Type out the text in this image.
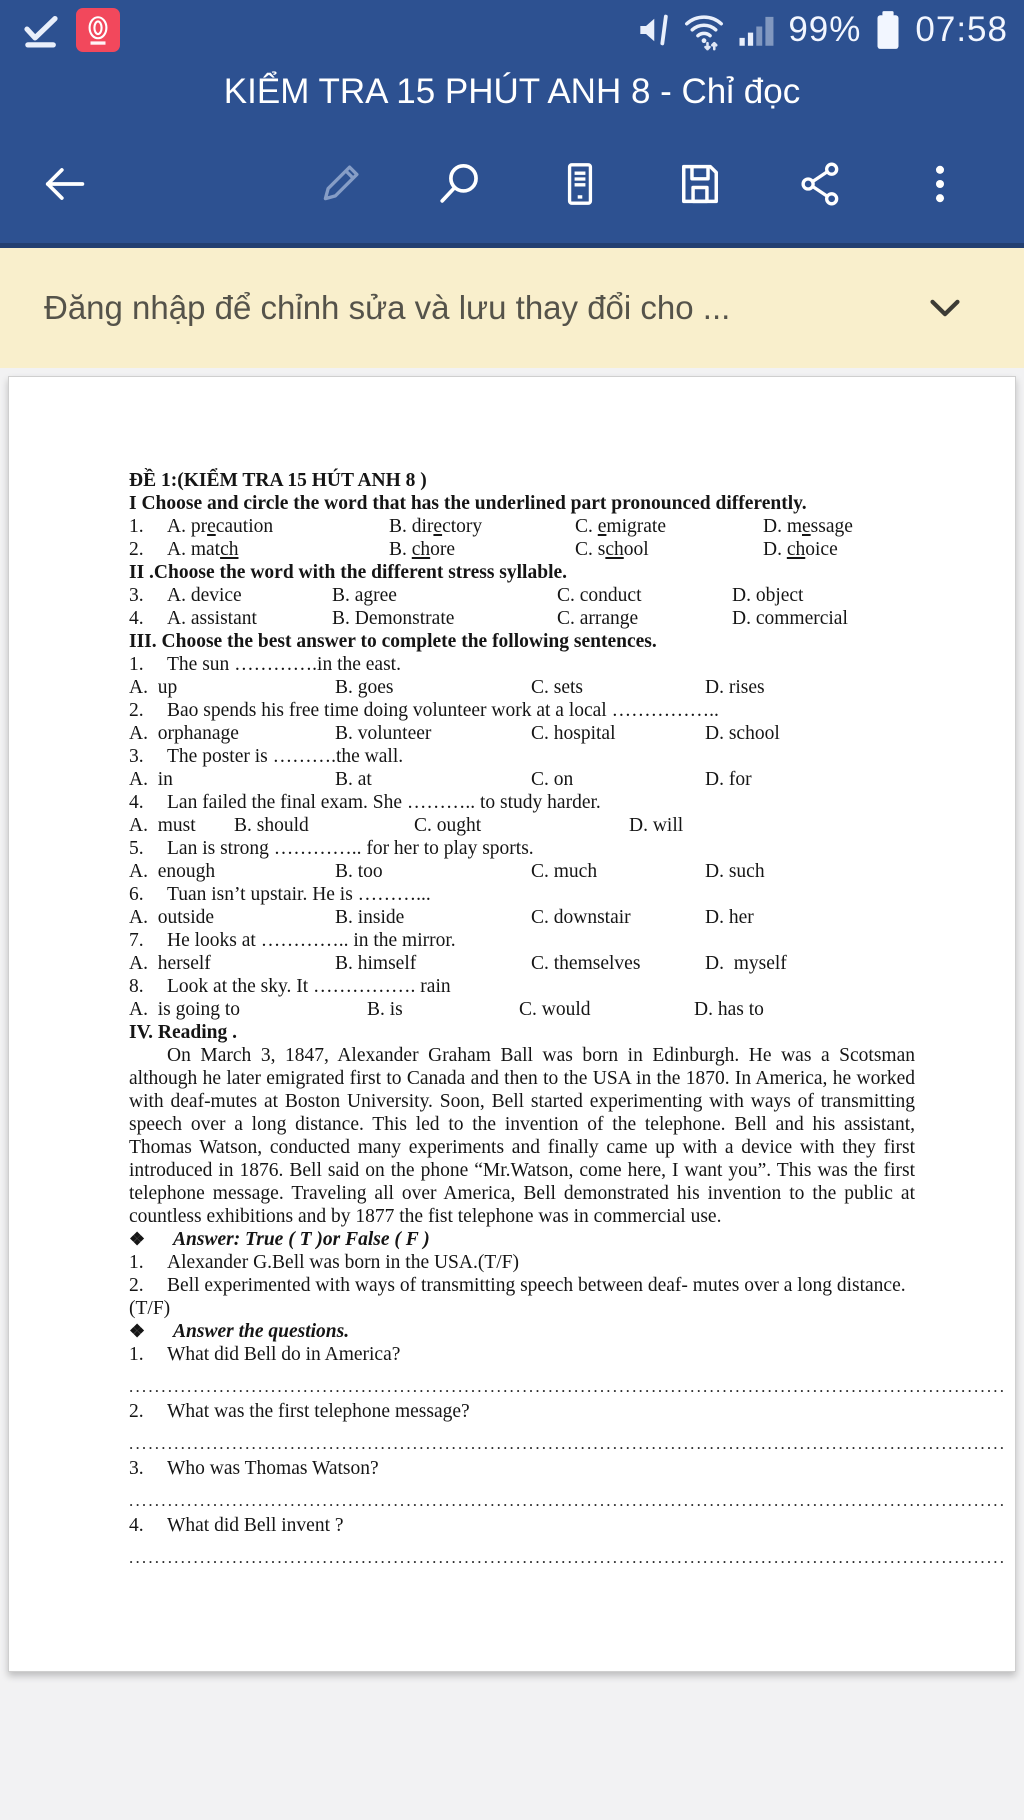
99% 07:58
KIỂM TRA 15 PHÚT ANH 8 - Chỉ đọc
Đăng nhập để chỉnh sửa và lưu thay đổi cho ...
ĐỀ 1:(KIỂM TRA 15 HÚT ANH 8 )
I Choose and circle the word that has the underlined part pronounced differently.
1.	A. precaution	B. directory	C. emigrate	D. message
2.	A. match	B. chore	C. school	D. choice
II .Choose the word with the different stress syllable.
3.	A. device	B. agree	C. conduct	D. object
4.	A. assistant	B. Demonstrate	C. arrange	D. commercial
III. Choose the best answer to complete the following sentences.
1. The sun ………….in the east.
A.  up	B. goes	C. sets	D. rises
2. Bao spends his free time doing volunteer work at a local ……………..
A.  orphanage	B. volunteer	C. hospital	D. school
3. The poster is ……….the wall.
A.  in	B. at	C. on	D. for
4. Lan failed the final exam. She ……….. to study harder.
A.  must	B. should	C. ought	D. will
5. Lan is strong ………….. for her to play sports.
A.  enough	B. too	C. much	D. such
6. Tuan isn’t upstair. He is ………...
A.  outside	B. inside	C. downstair	D. her
7. He looks at ………….. in the mirror.
A.  herself	B. himself	C. themselves	D.  myself
8. Look at the sky. It ……………. rain
A.  is going to	B. is	C. would	D. has to
IV. Reading .
On March 3, 1847, Alexander Graham Ball was born in Edinburgh. He was a Scotsman although he later emigrated first to Canada and then to the USA in the 1870. In America, he worked with deaf-mutes at Boston University. Soon, Bell started experimenting with ways of transmitting speech over a long distance. This led to the invention of the telephone. Bell and his assistant, Thomas Watson, conducted many experiments and finally came up with a device with they first introduced in 1876. Bell said on the phone “Mr.Watson, come here, I want you”. This was the first telephone message. Traveling all over America, Bell demonstrated his invention to the public at countless exhibitions and by 1877 the fist telephone was in commercial use.
❖ Answer: True ( T )or False ( F )
1. Alexander G.Bell was born in the USA.(T/F)
2. Bell experimented with ways of transmitting speech between deaf- mutes over a long distance. (T/F)
❖ Answer the questions.
1. What did Bell do in America?
........................................................................................................................................
2. What was the first telephone message?
........................................................................................................................................
3. Who was Thomas Watson?
........................................................................................................................................
4. What did Bell invent ?
........................................................................................................................................
